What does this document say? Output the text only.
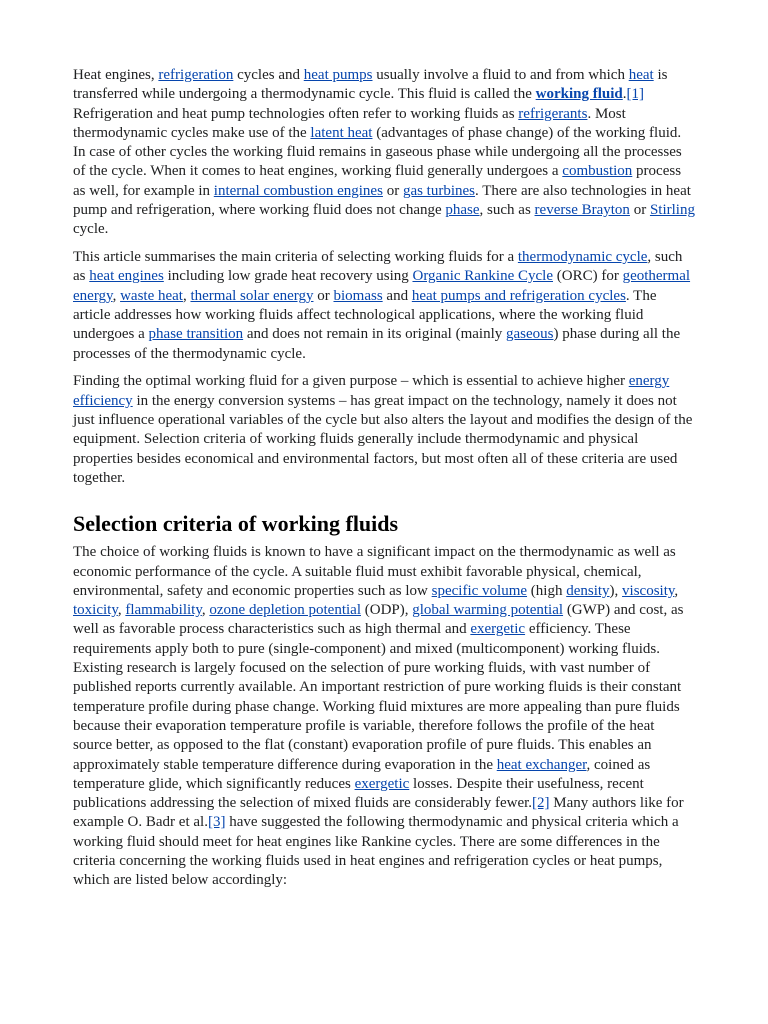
Heat engines, refrigeration cycles and heat pumps usually involve a fluid to and from which heat is transferred while undergoing a thermodynamic cycle. This fluid is called the working fluid.[1] Refrigeration and heat pump technologies often refer to working fluids as refrigerants. Most thermodynamic cycles make use of the latent heat (advantages of phase change) of the working fluid. In case of other cycles the working fluid remains in gaseous phase while undergoing all the processes of the cycle. When it comes to heat engines, working fluid generally undergoes a combustion process as well, for example in internal combustion engines or gas turbines. There are also technologies in heat pump and refrigeration, where working fluid does not change phase, such as reverse Brayton or Stirling cycle.

This article summarises the main criteria of selecting working fluids for a thermodynamic cycle, such as heat engines including low grade heat recovery using Organic Rankine Cycle (ORC) for geothermal energy, waste heat, thermal solar energy or biomass and heat pumps and refrigeration cycles. The article addresses how working fluids affect technological applications, where the working fluid undergoes a phase transition and does not remain in its original (mainly gaseous) phase during all the processes of the thermodynamic cycle.

Finding the optimal working fluid for a given purpose – which is essential to achieve higher energy efficiency in the energy conversion systems – has great impact on the technology, namely it does not just influence operational variables of the cycle but also alters the layout and modifies the design of the equipment. Selection criteria of working fluids generally include thermodynamic and physical properties besides economical and environmental factors, but most often all of these criteria are used together.

Selection criteria of working fluids

The choice of working fluids is known to have a significant impact on the thermodynamic as well as economic performance of the cycle. A suitable fluid must exhibit favorable physical, chemical, environmental, safety and economic properties such as low specific volume (high density), viscosity, toxicity, flammability, ozone depletion potential (ODP), global warming potential (GWP) and cost, as well as favorable process characteristics such as high thermal and exergetic efficiency. These requirements apply both to pure (single-component) and mixed (multicomponent) working fluids. Existing research is largely focused on the selection of pure working fluids, with vast number of published reports currently available. An important restriction of pure working fluids is their constant temperature profile during phase change. Working fluid mixtures are more appealing than pure fluids because their evaporation temperature profile is variable, therefore follows the profile of the heat source better, as opposed to the flat (constant) evaporation profile of pure fluids. This enables an approximately stable temperature difference during evaporation in the heat exchanger, coined as temperature glide, which significantly reduces exergetic losses. Despite their usefulness, recent publications addressing the selection of mixed fluids are considerably fewer.[2] Many authors like for example O. Badr et al.[3] have suggested the following thermodynamic and physical criteria which a working fluid should meet for heat engines like Rankine cycles. There are some differences in the criteria concerning the working fluids used in heat engines and refrigeration cycles or heat pumps, which are listed below accordingly:
